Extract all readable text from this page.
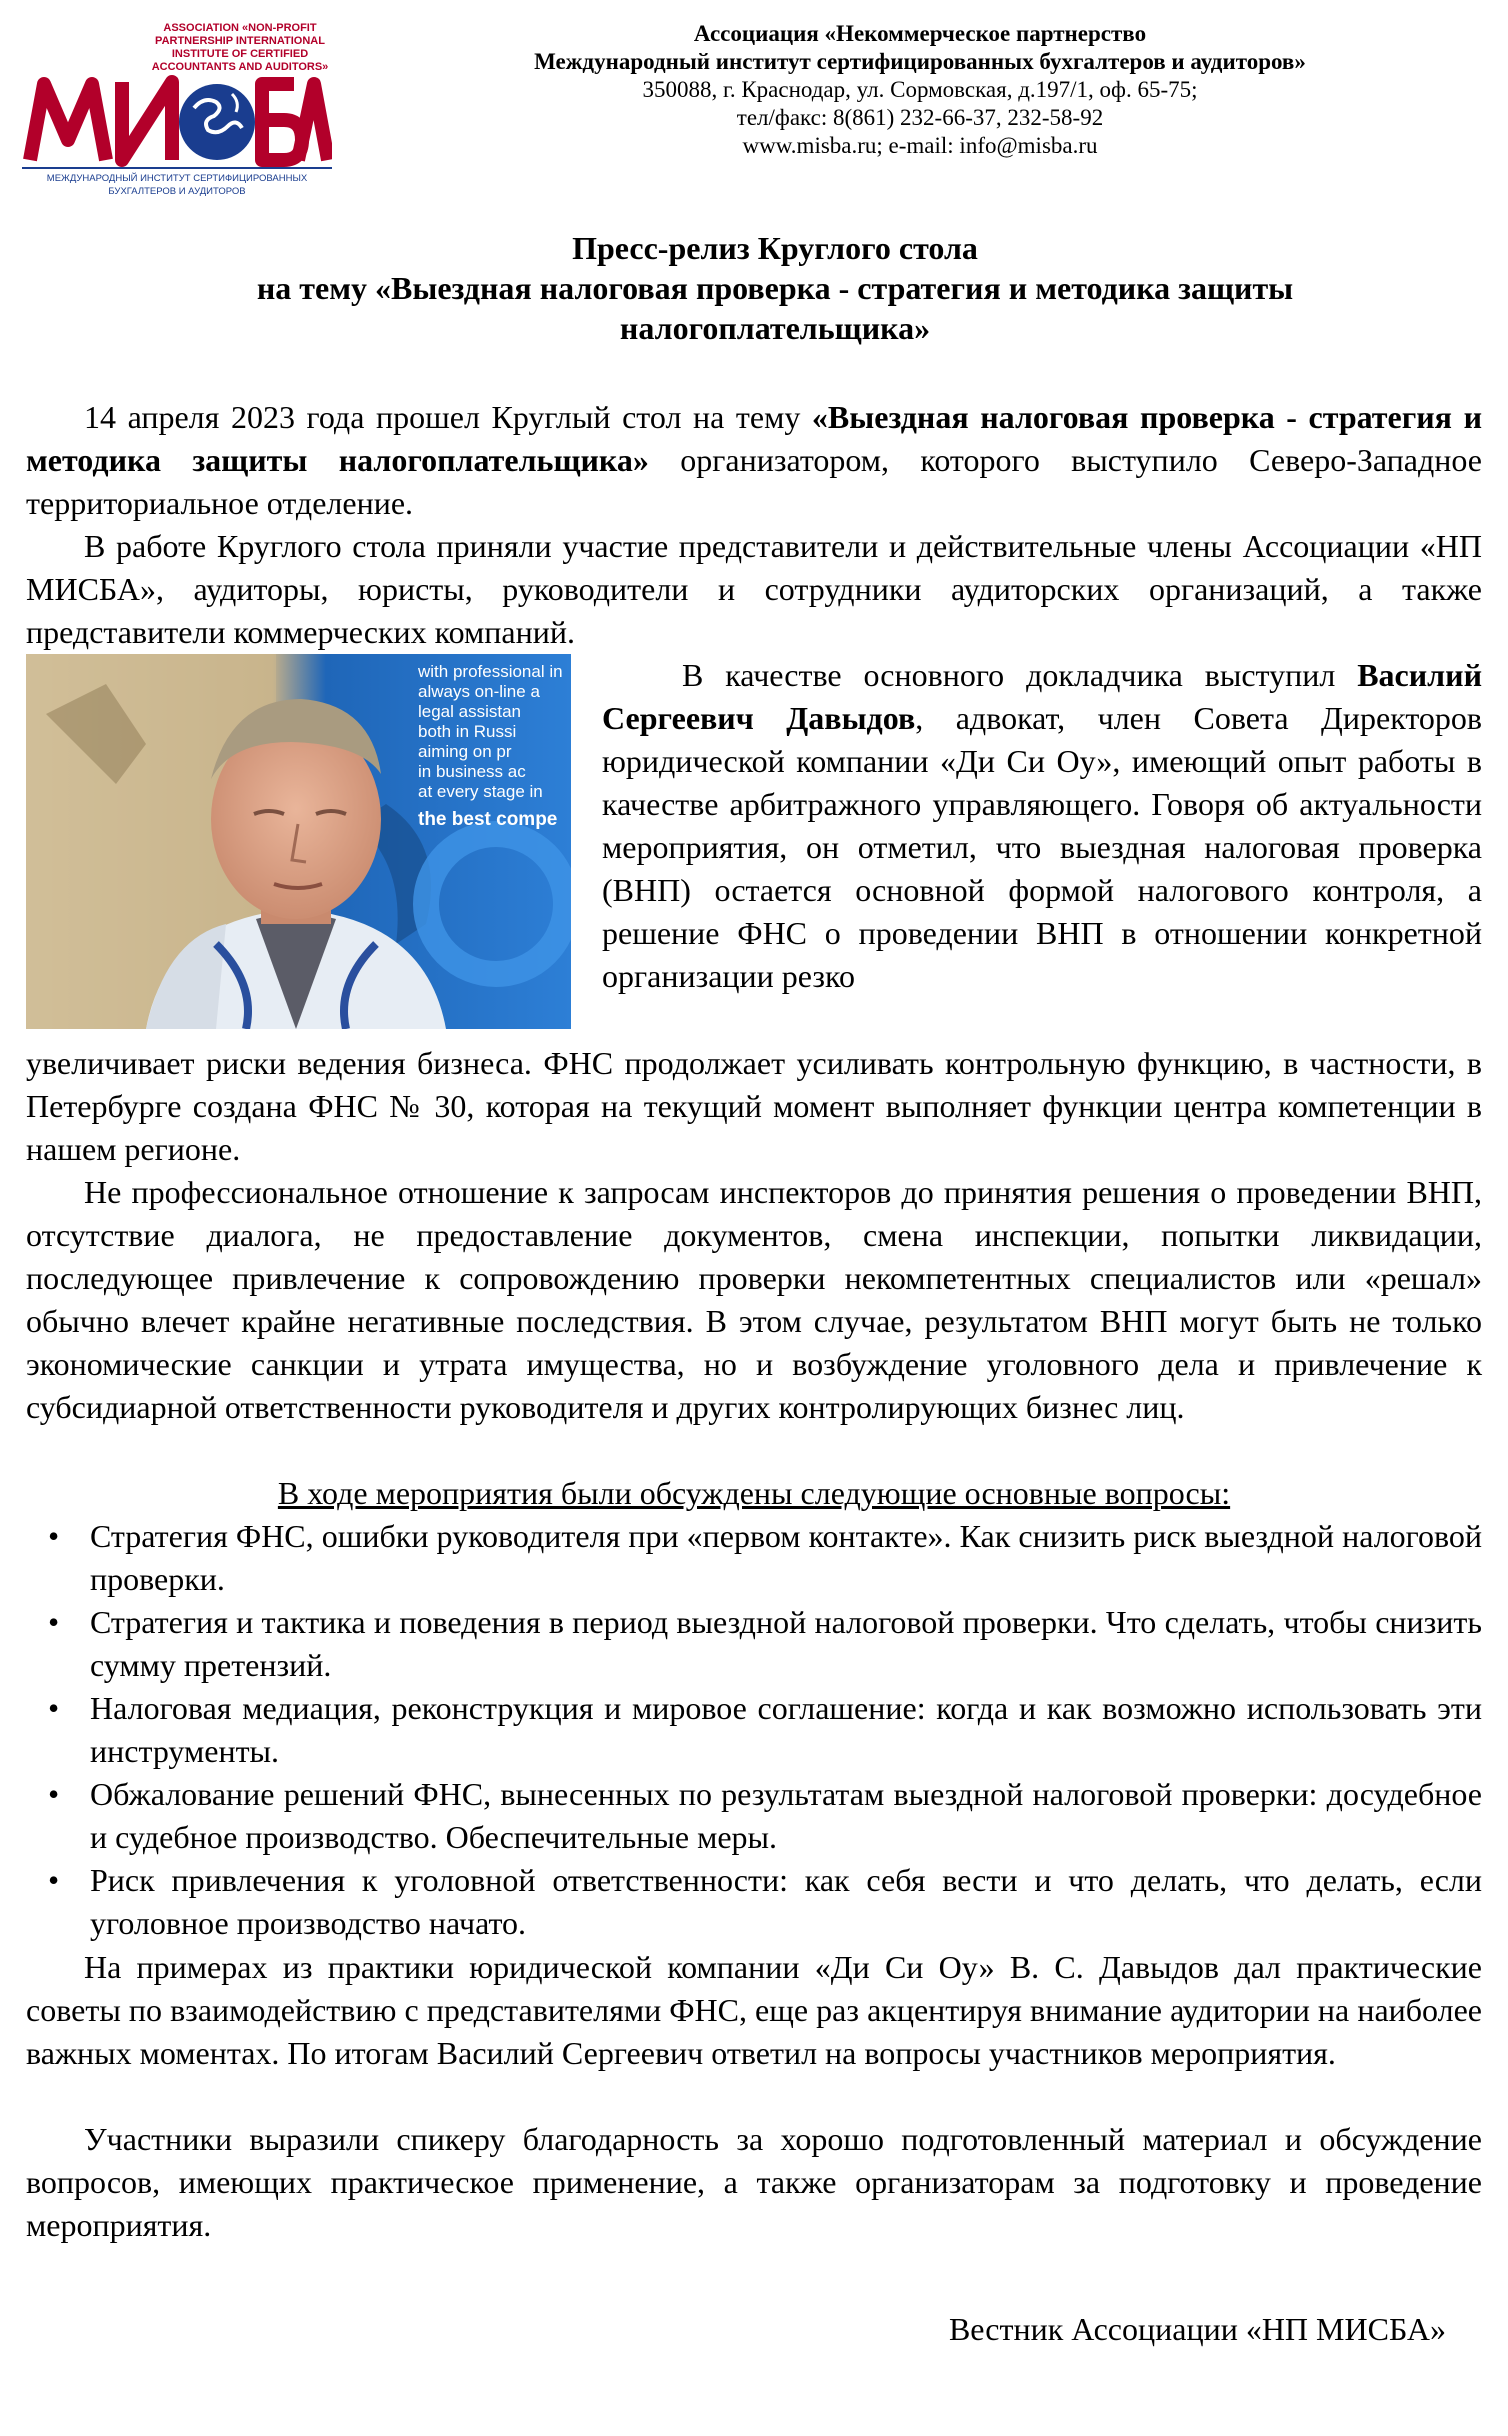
ASSOCIATION «NON-PROFIT PARTNERSHIP INTERNATIONAL INSTITUTE OF CERTIFIED ACCOUNTANTS AND AUDITORS»
МЕЖДУНАРОДНЫЙ ИНСТИТУТ СЕРТИФИЦИРОВАННЫХ БУХГАЛТЕРОВ И АУДИТОРОВ
Ассоциация «Некоммерческое партнерство
Международный институт сертифицированных бухгалтеров и аудиторов»
350088, г. Краснодар, ул. Сормовская, д.197/1, оф. 65-75;
тел/факс: 8(861) 232-66-37, 232-58-92
www.misba.ru; e-mail: info@misba.ru
Пресс-релиз Круглого стола
на тему «Выездная налоговая проверка - стратегия и методика защиты
налогоплательщика»

14 апреля 2023 года прошел Круглый стол на тему «Выездная налоговая проверка - стратегия и методика защиты налогоплательщика» организатором, которого выступило Северо-Западное территориальное отделение.

В работе Круглого стола приняли участие представители и действительные члены Ассоциации «НП МИСБА», аудиторы, юристы, руководители и сотрудники аудиторских организаций, а также представители коммерческих компаний.

with professional in
always on-line a
legal assistan
both in Russi
aiming on pr
in business ac
at every stage in
the best compe
В качестве основного докладчика выступил Василий Сергеевич Давыдов, адвокат, член Совета Директоров юридической компании «Ди Си Оу», имеющий опыт работы в качестве арбитражного управляющего. Говоря об актуальности мероприятия, он отметил, что выездная налоговая проверка (ВНП) остается основной формой налогового контроля, а решение ФНС о проведении ВНП в отношении конкретной организации резко

увеличивает риски ведения бизнеса. ФНС продолжает усиливать контрольную функцию, в частности, в Петербурге создана ФНС № 30, которая на текущий момент выполняет функции центра компетенции в нашем регионе.

Не профессиональное отношение к запросам инспекторов до принятия решения о проведении ВНП, отсутствие диалога, не предоставление документов, смена инспекции, попытки ликвидации, последующее привлечение к сопровождению проверки некомпетентных специалистов или «решал» обычно влечет крайне негативные последствия. В этом случае, результатом ВНП могут быть не только экономические санкции и утрата имущества, но и возбуждение уголовного дела и привлечение к субсидиарной ответственности руководителя и других контролирующих бизнес лиц.

В ходе мероприятия были обсуждены следующие основные вопросы:
• Стратегия ФНС, ошибки руководителя при «первом контакте». Как снизить риск выездной налоговой проверки.
• Стратегия и тактика и поведения в период выездной налоговой проверки. Что сделать, чтобы снизить сумму претензий.
• Налоговая медиация, реконструкция и мировое соглашение: когда и как возможно использовать эти инструменты.
• Обжалование решений ФНС, вынесенных по результатам выездной налоговой проверки: досудебное и судебное производство. Обеспечительные меры.
• Риск привлечения к уголовной ответственности: как себя вести и что делать, что делать, если уголовное производство начато.

На примерах из практики юридической компании «Ди Си Оу» В. С. Давыдов дал практические советы по взаимодействию с представителями ФНС, еще раз акцентируя внимание аудитории на наиболее важных моментах. По итогам Василий Сергеевич ответил на вопросы участников мероприятия.

Участники выразили спикеру благодарность за хорошо подготовленный материал и обсуждение вопросов, имеющих практическое применение, а также организаторам за подготовку и проведение мероприятия.

Вестник Ассоциации «НП МИСБА»
